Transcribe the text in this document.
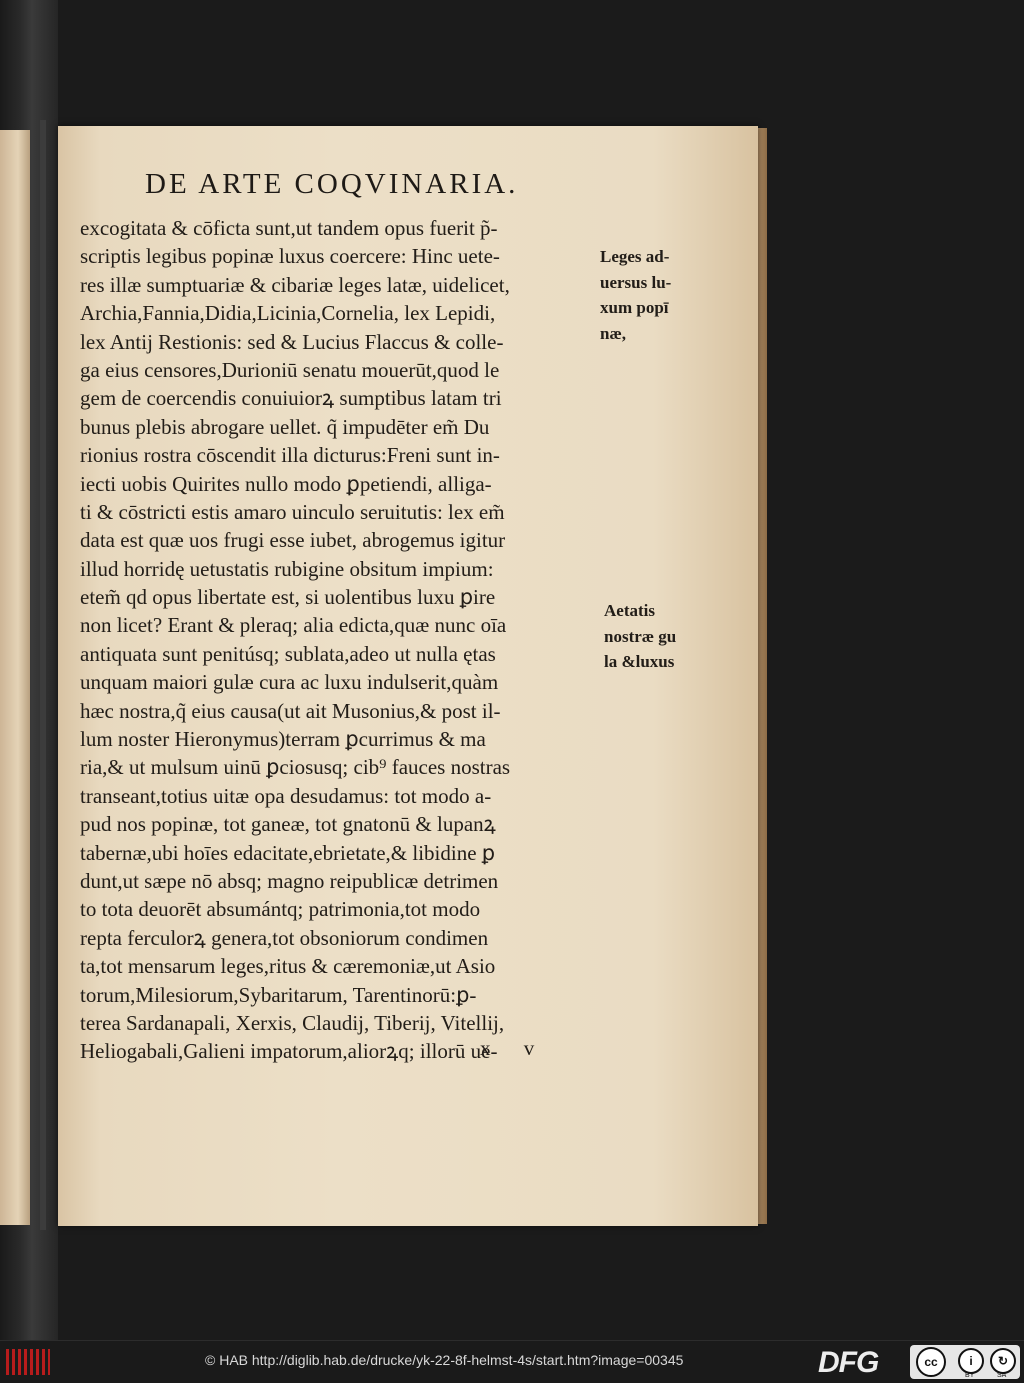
DE ARTE COQVINARIA.
excogitata & cōficta sunt,ut tandem opus fuerit p̃-
scriptis legibus popinæ luxus coercere: Hinc uete-
res illæ sumptuariæ & cibariæ leges latæ, uidelicet,
Archia,Fannia,Didia,Licinia,Cornelia, lex Lepidi,
lex Antij Restionis: sed & Lucius Flaccus & colle-
ga eius censores,Durioniū senatu mouerūt,quod le
gem de coercendis conuiuiorꝝ sumptibus latam tri
bunus plebis abrogare uellet. q̃ impudēter em̃ Du
rionius rostra cōscendit illa dicturus:Freni sunt in-
iecti uobis Quirites nullo modo ꝑpetiendi, alliga-
ti & cōstricti estis amaro uinculo seruitutis: lex em̃
data est quæ uos frugi esse iubet, abrogemus igitur
illud horridę uetustatis rubigine obsitum impium:
etem̃ qd opus libertate est, si uolentibus luxu ꝑire
non licet? Erant & pleraq; alia edicta,quæ nunc oīa
antiquata sunt penitúsq; sublata,adeo ut nulla ętas
unquam maiori gulæ cura ac luxu indulserit,quàm
hæc nostra,q̃ eius causa(ut ait Musonius,& post il-
lum noster Hieronymus)terram ꝑcurrimus & ma
ria,& ut mulsum uinū ꝑciosusq; cib⁹ fauces nostras
transeant,totius uitæ opa desudamus: tot modo a-
pud nos popinæ, tot ganeæ, tot gnatonū & lupanꝝ
tabernæ,ubi hoīes edacitate,ebrietate,& libidine ꝑ
dunt,ut sæpe nō absq; magno reipublicæ detrimen
to tota deuorēt absumántq; patrimonia,tot modo
repta ferculorꝝ genera,tot obsoniorum condimen
ta,tot mensarum leges,ritus & cæremoniæ,ut Asio
torum,Milesiorum,Sybaritarum, Tarentinorū:ꝑ-
terea Sardanapali, Xerxis, Claudij, Tiberij, Vitellij,
Heliogabali,Galieni impatorum,aliorꝝq; illorū ue-
Leges ad-
uersus lu-
xum popī
næ,
Aetatis
nostræ gu
la &luxus
x v
© HAB http://diglib.hab.de/drucke/yk-22-8f-helmst-4s/start.htm?image=00345	DFG	cc	i	↻
BY	SA
